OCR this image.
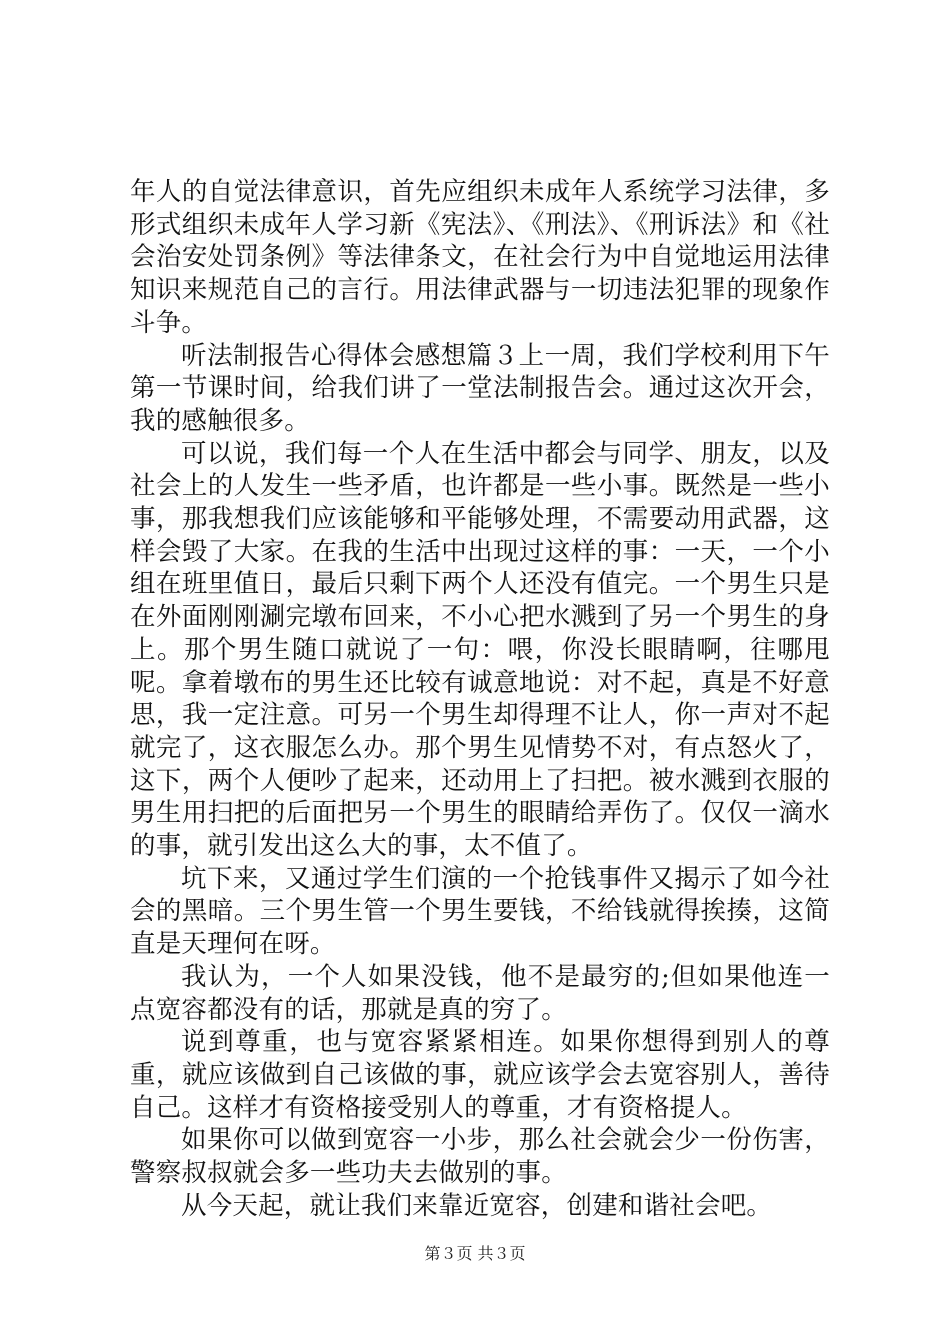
年人的自觉法律意识，首先应组织未成年人系统学习法律，多形式组织未成年人学习新《宪法》、《刑法》、《刑诉法》和《社会治安处罚条例》等法律条文，在社会行为中自觉地运用法律知识来规范自己的言行。用法律武器与一切违法犯罪的现象作斗争。

听法制报告心得体会感想篇３上一周，我们学校利用下午第一节课时间，给我们讲了一堂法制报告会。通过这次开会，我的感触很多。

可以说，我们每一个人在生活中都会与同学、朋友，以及社会上的人发生一些矛盾，也许都是一些小事。既然是一些小事，那我想我们应该能够和平能够处理，不需要动用武器，这样会毁了大家。在我的生活中出现过这样的事：一天，一个小组在班里值日，最后只剩下两个人还没有值完。一个男生只是在外面刚刚涮完墩布回来，不小心把水溅到了另一个男生的身上。那个男生随口就说了一句：喂，你没长眼睛啊，往哪甩呢。拿着墩布的男生还比较有诚意地说：对不起，真是不好意思，我一定注意。可另一个男生却得理不让人，你一声对不起就完了，这衣服怎么办。那个男生见情势不对，有点怒火了，这下，两个人便吵了起来，还动用上了扫把。被水溅到衣服的男生用扫把的后面把另一个男生的眼睛给弄伤了。仅仅一滴水的事，就引发出这么大的事，太不值了。

坑下来，又通过学生们演的一个抢钱事件又揭示了如今社会的黑暗。三个男生管一个男生要钱，不给钱就得挨揍，这简直是天理何在呀。

我认为，一个人如果没钱，他不是最穷的;但如果他连一点宽容都没有的话，那就是真的穷了。

说到尊重，也与宽容紧紧相连。如果你想得到别人的尊重，就应该做到自己该做的事，就应该学会去宽容别人，善待自己。这样才有资格接受别人的尊重，才有资格提人。

如果你可以做到宽容一小步，那么社会就会少一份伤害，警察叔叔就会多一些功夫去做别的事。

从今天起，就让我们来靠近宽容，创建和谐社会吧。

第３页 共３页
